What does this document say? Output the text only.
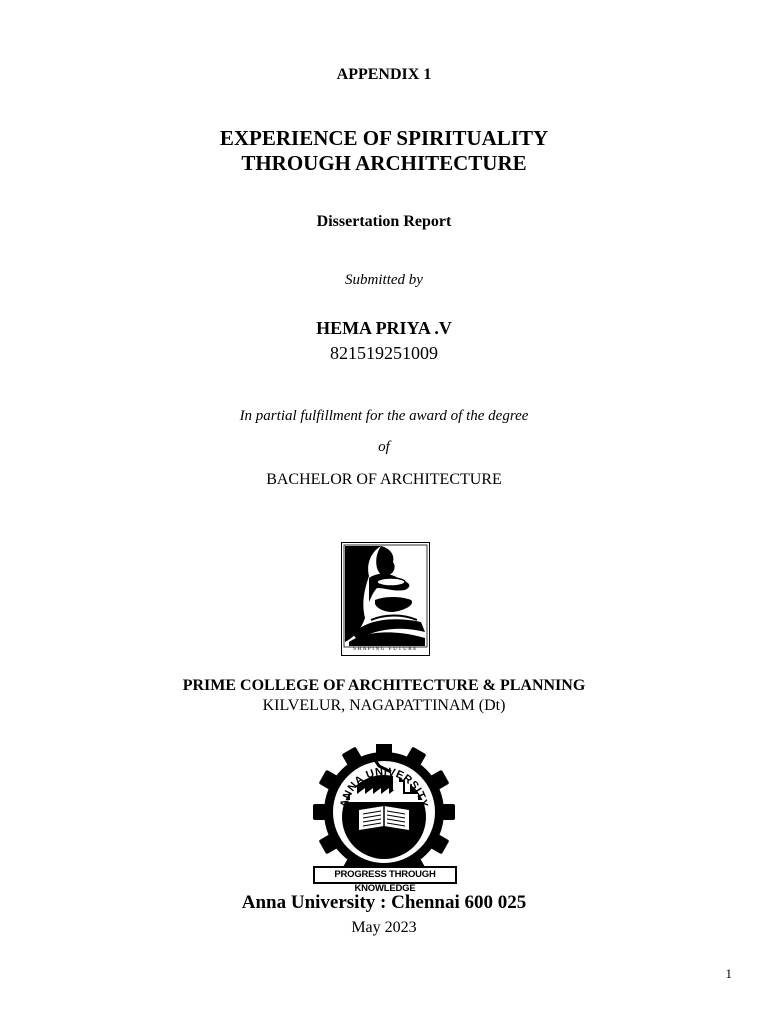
APPENDIX 1
EXPERIENCE OF SPIRITUALITY
THROUGH ARCHITECTURE
Dissertation Report
Submitted by
HEMA PRIYA .V
821519251009
In partial fulfillment for the award of the degree
of
BACHELOR OF ARCHITECTURE
SHAPING FUTURE
PRIME COLLEGE OF ARCHITECTURE & PLANNING
KILVELUR, NAGAPATTINAM (Dt)
ANNA UNIVERSITY
PROGRESS THROUGH KNOWLEDGE
Anna University : Chennai 600 025
May 2023
1
